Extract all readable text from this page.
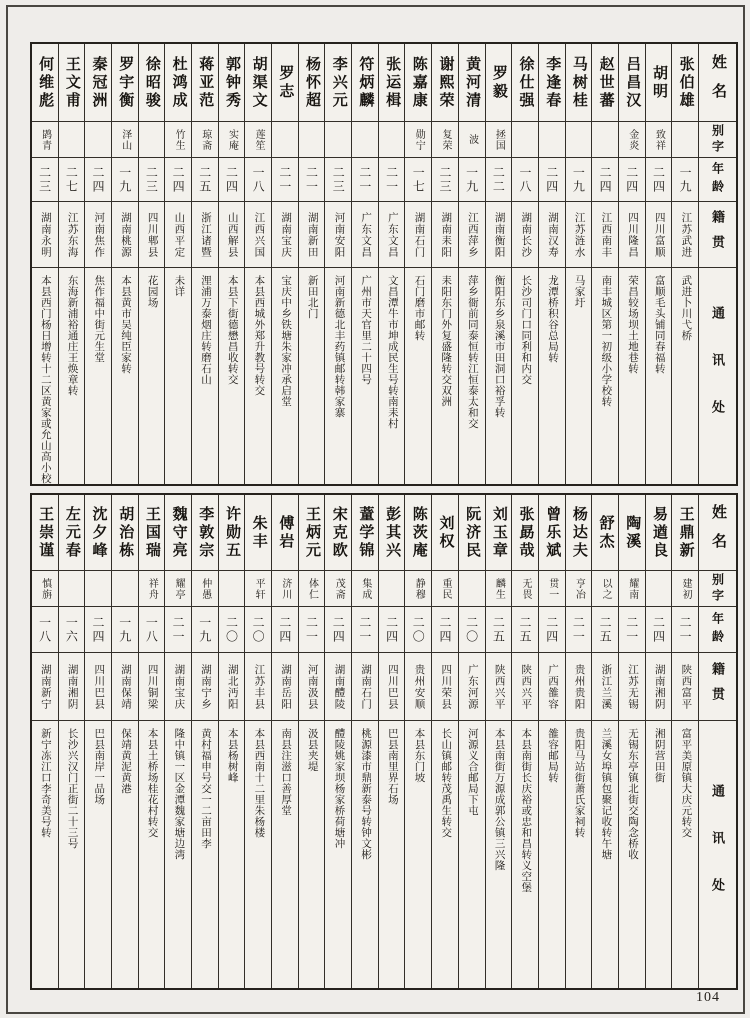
姓名
别字
年龄
籍贯
通讯处
张伯雄
一九
江苏武进
武进卜川弋桥
胡明
致祥
二四
四川富顺
富顺毛头铺同春福转
吕昌汉
金炎
二四
四川隆昌
荣昌较场坝土地巷转
赵世蕃
二四
江西南丰
南丰城区第一初级小学校转
马树桂
一九
江苏涟水
马家圩
李逢春
二四
湖南汉寿
龙潭桥积谷总局转
徐仕强
一八
湖南长沙
长沙司门口同利和内交
罗毅
拯国
二二
湖南衡阳
衡阳东乡泉溪市田洞口裕孚转
黄河清
波
一九
江西萍乡
萍乡衙前同泰恒转江恒泰太和交
谢熙荣
复荣
二三
湖南耒阳
耒阳东门外复盛隆转交双洲
陈嘉康
勋宁
一七
湖南石门
石门磨市邮转
张运楫
二一
广东文昌
文昌潭牛市坤成民生号转南耒村
符炳麟
二一
广东文昌
广州市天官里二十四号
李兴元
二三
河南安阳
河南新德北丰药镇邮转韩家寨
杨怀超
二一
湖南新田
新田北门
罗志
二一
湖南宝庆
宝庆中乡铁塘朱家冲承启堂
胡渠文
莲笙
一八
江西兴国
本县西城外郑升教号转交
郭钟秀
实庵
二四
山西解县
本县下街德懋昌收转交
蒋亚范
琼斋
二五
浙江诸暨
浬浦万泰烟庄转磨石山
杜鸿成
竹生
二四
山西平定
未详
徐昭骏
二三
四川郫县
花园场
罗宇衡
泽山
一九
湖南桃源
本县黄市吴纯臣家转
秦冠洲
二四
河南焦作
焦作福中街元生堂
王文甫
二七
江苏东海
东海新浦裕通庄王焕章转
何维彪
鹍青
二三
湖南永明
本县西门杨日增转十二区黄家或允山高小校
姓名
别字
年龄
籍贯
通讯处
王鼎新
建初
二一
陕西富平
富平美原镇大庆元转交
易遒良
二四
湖南湘阴
湘阴营田街
陶溪
耀南
二一
江苏无锡
无锡东亭镇北街交陶念桥收
舒杰
以之
二五
浙江兰溪
兰溪女埠镇包聚记收转午塘
杨达夫
亨冶
二一
贵州贵阳
贵阳马站街萧氏家祠转
曾乐斌
贯一
二四
广西雒容
雒容邮局转
张勗哉
无畏
二五
陕西兴平
本县南街长庆裕或忠和昌转义空堡
刘玉章
麟生
二五
陕西兴平
本县南街万源成郭公镇三兴隆
阮济民
二〇
广东河源
河源义合邮局下屯
刘权
重民
二四
四川荣县
长山镇邮转茂禹生转交
陈茨庵
静穆
二〇
贵州安顺
本县东门坡
彭其兴
二四
四川巴县
巴县南里界石场
蕫学锦
集成
二一
湖南石门
桃源漆市鼎新泰号转钟文彬
宋克欧
茂斋
二四
湖南醴陵
醴陵姚家坝杨家桥荷塘冲
王炳元
体仁
二一
河南汲县
汲县夹堤
傅岩
济川
二四
湖南岳阳
南县注滋口善厚堂
朱丰
平轩
二〇
江苏丰县
本县西南十二里朱杨楼
许勋五
二〇
湖北沔阳
本县杨树峰
李敦宗
仲愚
一九
湖南宁乡
黄村福申号交一二亩田李
魏守亮
耀亭
二一
湖南宝庆
隆中镇一区金潭魏家塘边湾
王国瑞
祥舟
一八
四川铜梁
本县土桥场桂花村转交
胡治栋
一九
湖南保靖
保靖黄泥黄港
沈夕峰
二四
四川巴县
巴县南岸一品场
左元春
一六
湖南湘阴
长沙兴汉门正街二十三号
王崇谨
慎旃
一八
湖南新宁
新宁冻江口李奇美号转
104
